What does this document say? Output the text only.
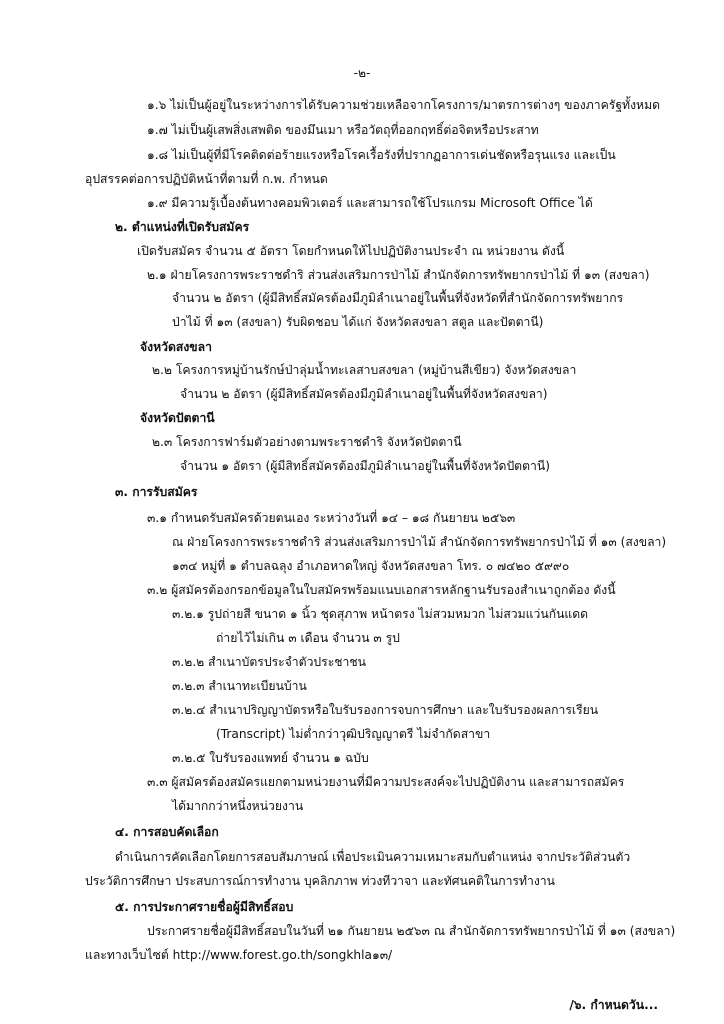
-๒-
๑.๖ ไม่เป็นผู้อยู่ในระหว่างการได้รับความช่วยเหลือจากโครงการ/มาตรการต่างๆ ของภาครัฐทั้งหมด
๑.๗ ไม่เป็นผู้เสพสิ่งเสพติด ของมึนเมา หรือวัตถุที่ออกฤทธิ์ต่อจิตหรือประสาท
๑.๘ ไม่เป็นผู้ที่มีโรคติดต่อร้ายแรงหรือโรคเรื้อรังที่ปรากฏอาการเด่นชัดหรือรุนแรง และเป็น
อุปสรรคต่อการปฏิบัติหน้าที่ตามที่ ก.พ. กำหนด
๑.๙ มีความรู้เบื้องต้นทางคอมพิวเตอร์ และสามารถใช้โปรแกรม Microsoft Office ได้
๒. ตำแหน่งที่เปิดรับสมัคร
เปิดรับสมัคร จำนวน ๕ อัตรา โดยกำหนดให้ไปปฏิบัติงานประจำ ณ หน่วยงาน ดังนี้
๒.๑ ฝ่ายโครงการพระราชดำริ ส่วนส่งเสริมการป่าไม้ สำนักจัดการทรัพยากรป่าไม้ ที่ ๑๓ (สงขลา)
จำนวน ๒ อัตรา (ผู้มีสิทธิ์สมัครต้องมีภูมิลำเนาอยู่ในพื้นที่จังหวัดที่สำนักจัดการทรัพยากร
ป่าไม้ ที่ ๑๓ (สงขลา) รับผิดชอบ ได้แก่ จังหวัดสงขลา สตูล และปัตตานี)
จังหวัดสงขลา
๒.๒ โครงการหมู่บ้านรักษ์ป่าลุ่มน้ำทะเลสาบสงขลา (หมู่บ้านสีเขียว) จังหวัดสงขลา
จำนวน ๒ อัตรา (ผู้มีสิทธิ์สมัครต้องมีภูมิลำเนาอยู่ในพื้นที่จังหวัดสงขลา)
จังหวัดปัตตานี
๒.๓ โครงการฟาร์มตัวอย่างตามพระราชดำริ จังหวัดปัตตานี
จำนวน ๑ อัตรา (ผู้มีสิทธิ์สมัครต้องมีภูมิลำเนาอยู่ในพื้นที่จังหวัดปัตตานี)
๓. การรับสมัคร
๓.๑ กำหนดรับสมัครด้วยตนเอง ระหว่างวันที่ ๑๔ – ๑๘ กันยายน ๒๕๖๓
ณ ฝ่ายโครงการพระราชดำริ ส่วนส่งเสริมการป่าไม้ สำนักจัดการทรัพยากรป่าไม้ ที่ ๑๓ (สงขลา)
๑๓๔ หมู่ที่ ๑ ตำบลฉลุง อำเภอหาดใหญ่ จังหวัดสงขลา โทร. ๐ ๗๔๒๐ ๕๙๙๐
๓.๒ ผู้สมัครต้องกรอกข้อมูลในใบสมัครพร้อมแนบเอกสารหลักฐานรับรองสำเนาถูกต้อง ดังนี้
๓.๒.๑ รูปถ่ายสี ขนาด ๑ นิ้ว ชุดสุภาพ หน้าตรง ไม่สวมหมวก ไม่สวมแว่นกันแดด
ถ่ายไว้ไม่เกิน ๓ เดือน จำนวน ๓ รูป
๓.๒.๒ สำเนาบัตรประจำตัวประชาชน
๓.๒.๓ สำเนาทะเบียนบ้าน
๓.๒.๔ สำเนาปริญญาบัตรหรือใบรับรองการจบการศึกษา และใบรับรองผลการเรียน
(Transcript) ไม่ต่ำกว่าวุฒิปริญญาตรี ไม่จำกัดสาขา
๓.๒.๕ ใบรับรองแพทย์ จำนวน ๑ ฉบับ
๓.๓ ผู้สมัครต้องสมัครแยกตามหน่วยงานที่มีความประสงค์จะไปปฏิบัติงาน และสามารถสมัคร
ได้มากกว่าหนึ่งหน่วยงาน
๔. การสอบคัดเลือก
ดำเนินการคัดเลือกโดยการสอบสัมภาษณ์ เพื่อประเมินความเหมาะสมกับตำแหน่ง จากประวัติส่วนตัว
ประวัติการศึกษา ประสบการณ์การทำงาน บุคลิกภาพ ท่วงทีวาจา และทัศนคติในการทำงาน
๕. การประกาศรายชื่อผู้มีสิทธิ์สอบ
ประกาศรายชื่อผู้มีสิทธิ์สอบในวันที่ ๒๑ กันยายน ๒๕๖๓ ณ สำนักจัดการทรัพยากรป่าไม้ ที่ ๑๓ (สงขลา)
และทางเว็บไซต์ http://www.forest.go.th/songkhla๑๓/
/๖. กำหนดวัน...
